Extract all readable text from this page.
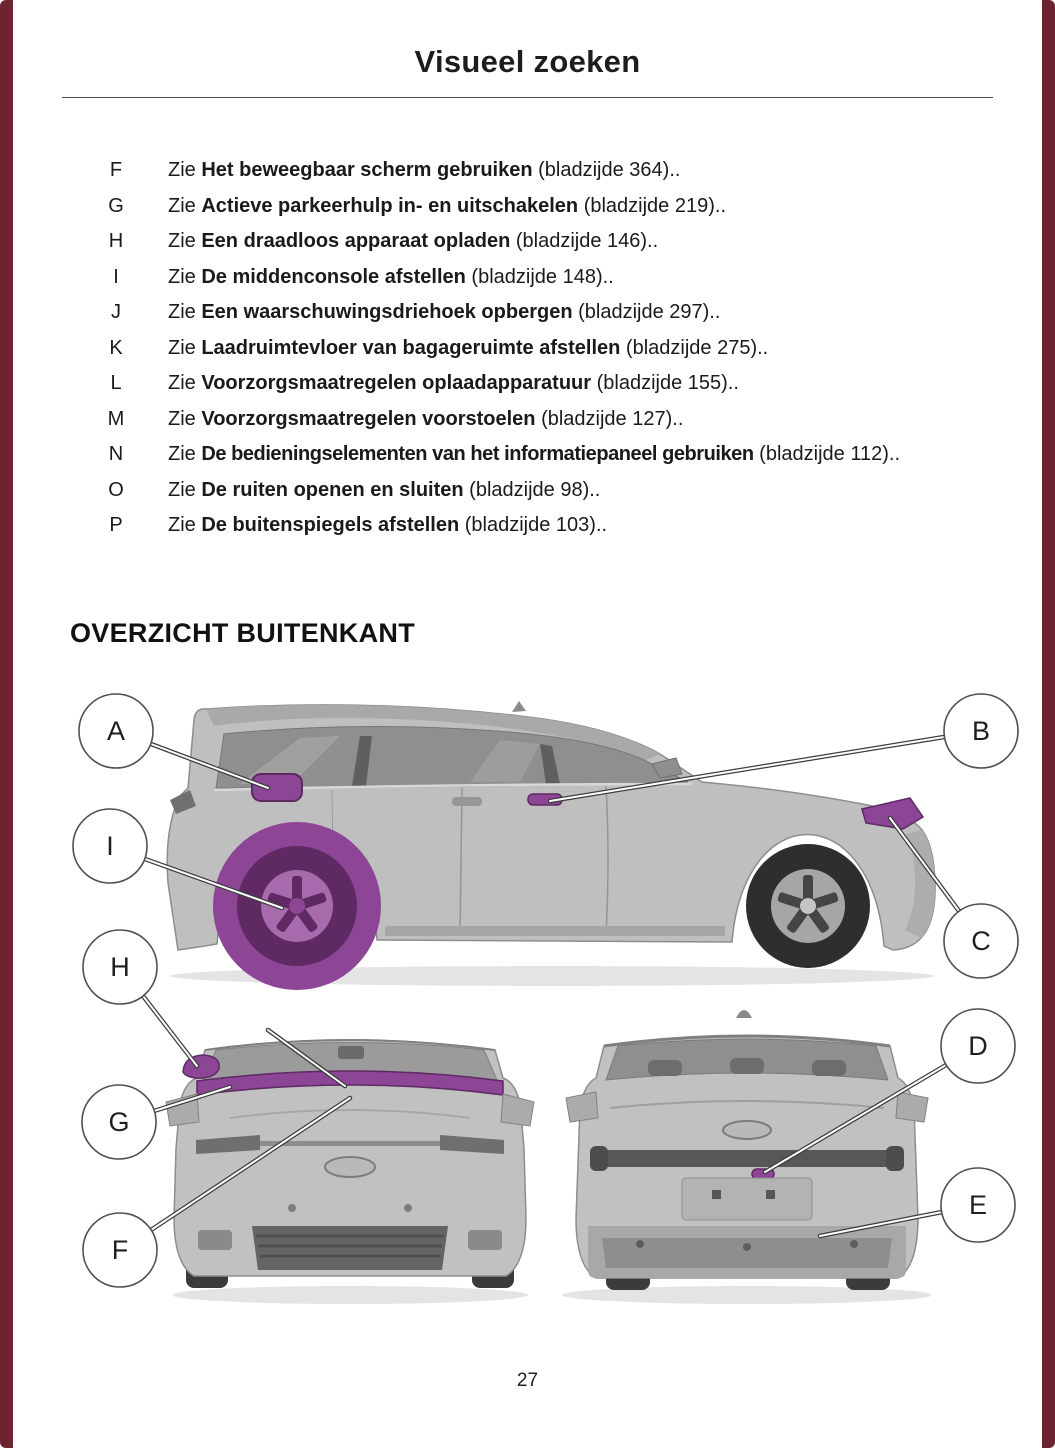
Visueel zoeken
F	Zie Het beweegbaar scherm gebruiken (bladzijde 364)..

G	Zie Actieve parkeerhulp in- en uitschakelen (bladzijde 219)..

H	Zie Een draadloos apparaat opladen (bladzijde 146)..

I	Zie De middenconsole afstellen (bladzijde 148)..

J	Zie Een waarschuwingsdriehoek opbergen (bladzijde 297)..

K	Zie Laadruimtevloer van bagageruimte afstellen (bladzijde 275)..

L	Zie Voorzorgsmaatregelen oplaadapparatuur (bladzijde 155)..

M	Zie Voorzorgsmaatregelen voorstoelen (bladzijde 127)..

N	Zie De bedieningselementen van het informatiepaneel gebruiken (bladzijde 112)..

O	Zie De ruiten openen en sluiten (bladzijde 98)..

P	Zie De buitenspiegels afstellen (bladzijde 103)..

OVERZICHT BUITENKANT
A	B
I
C
H
G
F
D
E
27
